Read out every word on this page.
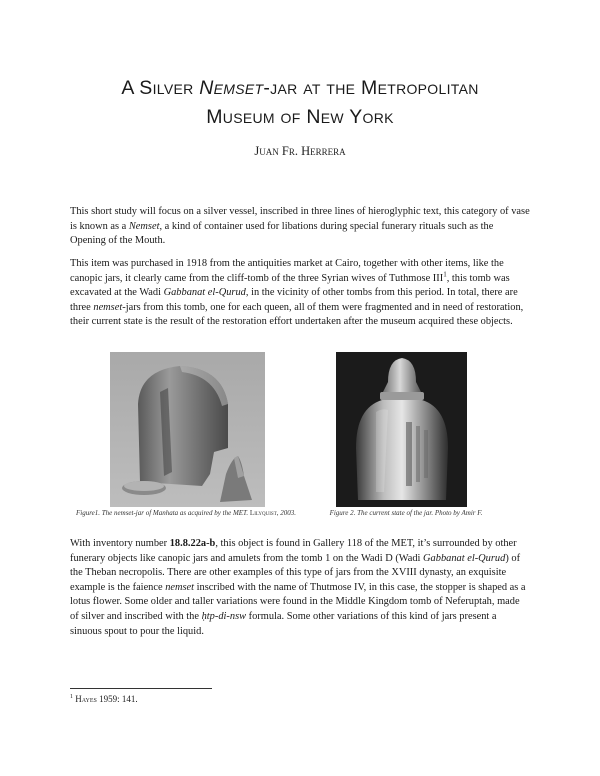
A Silver Nemset-jar at the Metropolitan
Museum of New York
Juan Fr. Herrera

This short study will focus on a silver vessel, inscribed in three lines of hieroglyphic text, this category of vase is known as a Nemset, a kind of container used for libations during special funerary rituals such as the Opening of the Mouth.

This item was purchased in 1918 from the antiquities market at Cairo, together with other items, like the canopic jars, it clearly came from the cliff-tomb of the three Syrian wives of Tuthmose III$^1$, this tomb was excavated at the Wadi Gabbanat el-Qurud, in the vicinity of other tombs from this period. In total, there are three nemset-jars from this tomb, one for each queen, all of them were fragmented and in need of restoration, their current state is the result of the restoration effort undertaken after the museum acquired these objects.

Figure1. The nemset-jar of Manhata as acquired by the MET. Lilyquist, 2003.	Figure 2. The current state of the jar. Photo by Amir F.

With inventory number 18.8.22a-b, this object is found in Gallery 118 of the MET, it’s surrounded by other funerary objects like canopic jars and amulets from the tomb 1 on the Wadi D (Wadi Gabbanat el-Qurud) of the Theban necropolis. There are other examples of this type of jars from the XVIII dynasty, an exquisite example is the faience nemset inscribed with the name of Thutmose IV, in this case, the stopper is shaped as a lotus flower. Some older and taller variations were found in the Middle Kingdom tomb of Neferuptah, made of silver and inscribed with the ḥtp-di-nsw formula. Some other variations of this kind of jars present a sinuous spout to pour the liquid.

$^1$ Hayes 1959: 141.
